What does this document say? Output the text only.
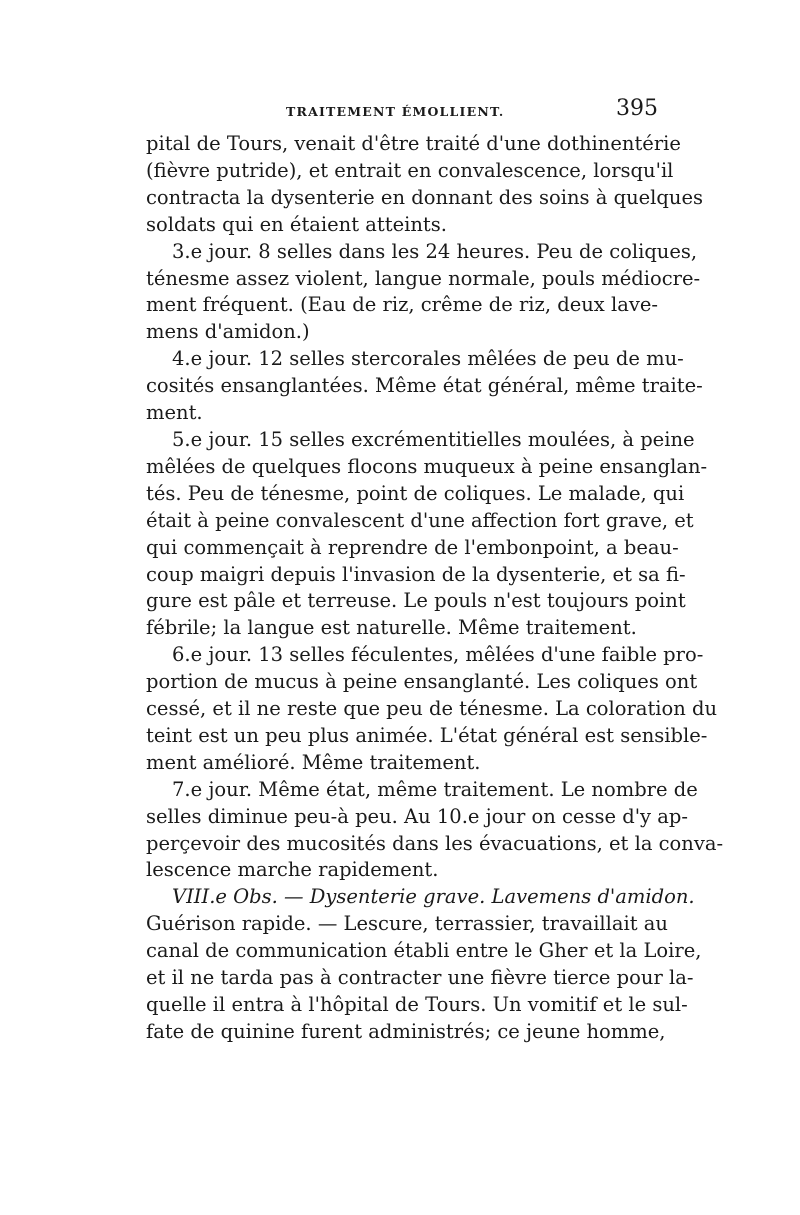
TRAITEMENT ÉMOLLIENT.	395
pital de Tours, venait d'être traité d'une dothinentérie
(fièvre putride), et entrait en convalescence, lorsqu'il
contracta la dysenterie en donnant des soins à quelques
soldats qui en étaient atteints.
3.e jour. 8 selles dans les 24 heures. Peu de coliques,
ténesme assez violent, langue normale, pouls médiocre-
ment fréquent. (Eau de riz, crême de riz, deux lave-
mens d'amidon.)
4.e jour. 12 selles stercorales mêlées de peu de mu-
cosités ensanglantées. Même état général, même traite-
ment.
5.e jour. 15 selles excrémentitielles moulées, à peine
mêlées de quelques flocons muqueux à peine ensanglan-
tés. Peu de ténesme, point de coliques. Le malade, qui
était à peine convalescent d'une affection fort grave, et
qui commençait à reprendre de l'embonpoint, a beau-
coup maigri depuis l'invasion de la dysenterie, et sa fi-
gure est pâle et terreuse. Le pouls n'est toujours point
fébrile; la langue est naturelle. Même traitement.
6.e jour. 13 selles féculentes, mêlées d'une faible pro-
portion de mucus à peine ensanglanté. Les coliques ont
cessé, et il ne reste que peu de ténesme. La coloration du
teint est un peu plus animée. L'état général est sensible-
ment amélioré. Même traitement.
7.e jour. Même état, même traitement. Le nombre de
selles diminue peu-à peu. Au 10.e jour on cesse d'y ap-
perçevoir des mucosités dans les évacuations, et la conva-
lescence marche rapidement.
VIII.e Obs. — Dysenterie grave. Lavemens d'amidon.
Guérison rapide. — Lescure, terrassier, travaillait au
canal de communication établi entre le Gher et la Loire,
et il ne tarda pas à contracter une fièvre tierce pour la-
quelle il entra à l'hôpital de Tours. Un vomitif et le sul-
fate de quinine furent administrés; ce jeune homme,
